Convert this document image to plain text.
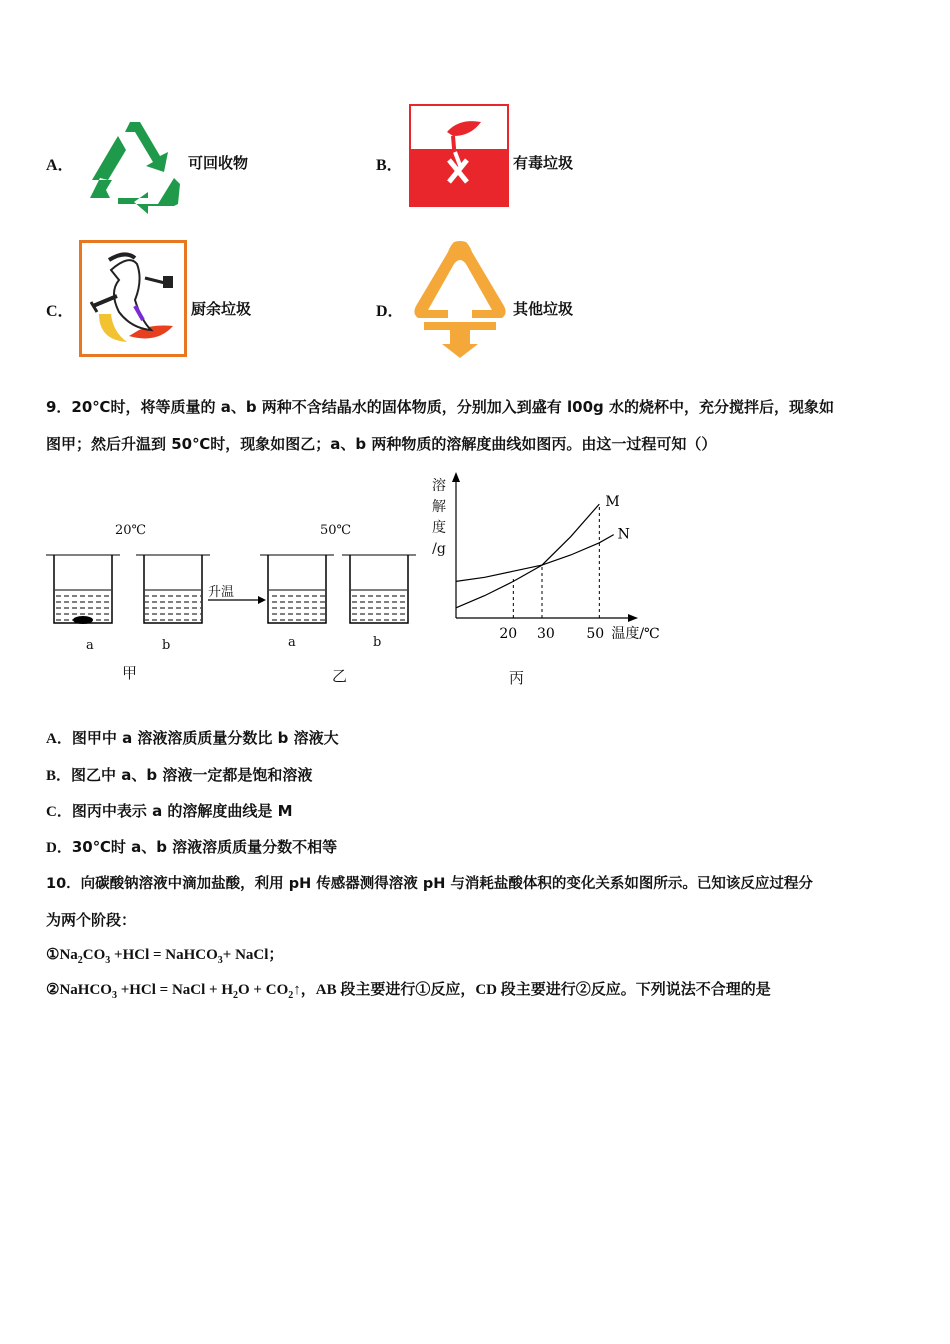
A．	可回收物	B．	有毒垃圾
C．	厨余垃圾	D．	其他垃圾
9．20℃时，将等质量的 a、b 两种不含结晶水的固体物质，分别加入到盛有 l00g 水的烧杯中，充分搅拌后，现象如
图甲；然后升温到 50℃时，现象如图乙；a、b 两种物质的溶解度曲线如图丙。由这一过程可知（）
20℃	50℃
升温
a	b	a	b
甲	乙
溶
解
度
/g
M
N
20 30 50 温度/℃
丙
A．图甲中 a 溶液溶质质量分数比 b 溶液大
B．图乙中 a、b 溶液一定都是饱和溶液
C．图丙中表示 a 的溶解度曲线是 M
D．30℃时 a、b 溶液溶质质量分数不相等
10．向碳酸钠溶液中滴加盐酸，利用 pH 传感器测得溶液 pH 与消耗盐酸体积的变化关系如图所示。已知该反应过程分
为两个阶段：
$①Na_2CO_3 +HCl$ = NaHCO$_3$+ NaCl；
②NaHCO$_3$ +HCl = NaCl + $H_2O$ + $CO_2↑$，AB 段主要进行①反应，CD 段主要进行②反应。下列说法不合理的是
